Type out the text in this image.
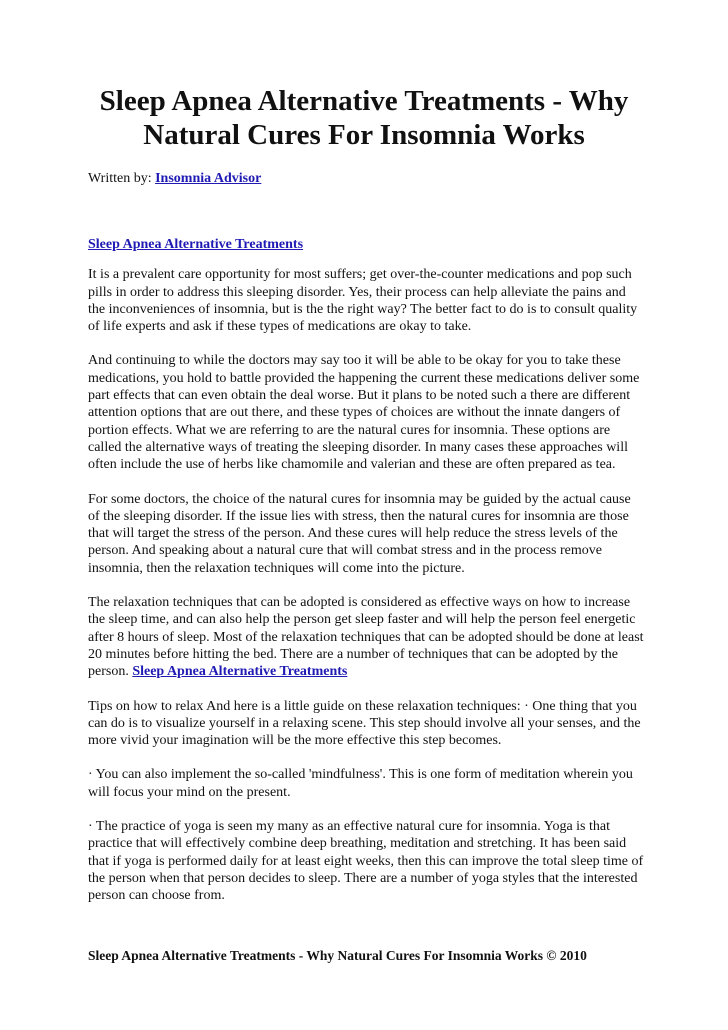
Sleep Apnea Alternative Treatments - Why Natural Cures For Insomnia Works
Written by: Insomnia Advisor

Sleep Apnea Alternative Treatments

It is a prevalent care opportunity for most suffers; get over-the-counter medications and pop such pills in order to address this sleeping disorder. Yes, their process can help alleviate the pains and the inconveniences of insomnia, but is the the right way? The better fact to do is to consult quality of life experts and ask if these types of medications are okay to take.

And continuing to while the doctors may say too it will be able to be okay for you to take these medications, you hold to battle provided the happening the current these medications deliver some part effects that can even obtain the deal worse. But it plans to be noted such a there are different attention options that are out there, and these types of choices are without the innate dangers of portion effects. What we are referring to are the natural cures for insomnia. These options are called the alternative ways of treating the sleeping disorder. In many cases these approaches will often include the use of herbs like chamomile and valerian and these are often prepared as tea.

For some doctors, the choice of the natural cures for insomnia may be guided by the actual cause of the sleeping disorder. If the issue lies with stress, then the natural cures for insomnia are those that will target the stress of the person. And these cures will help reduce the stress levels of the person. And speaking about a natural cure that will combat stress and in the process remove insomnia, then the relaxation techniques will come into the picture.

The relaxation techniques that can be adopted is considered as effective ways on how to increase the sleep time, and can also help the person get sleep faster and will help the person feel energetic after 8 hours of sleep. Most of the relaxation techniques that can be adopted should be done at least 20 minutes before hitting the bed. There are a number of techniques that can be adopted by the person. Sleep Apnea Alternative Treatments

Tips on how to relax And here is a little guide on these relaxation techniques: · One thing that you can do is to visualize yourself in a relaxing scene. This step should involve all your senses, and the more vivid your imagination will be the more effective this step becomes.

· You can also implement the so-called 'mindfulness'. This is one form of meditation wherein you will focus your mind on the present.

· The practice of yoga is seen my many as an effective natural cure for insomnia. Yoga is that practice that will effectively combine deep breathing, meditation and stretching. It has been said that if yoga is performed daily for at least eight weeks, then this can improve the total sleep time of the person when that person decides to sleep. There are a number of yoga styles that the interested person can choose from.

Sleep Apnea Alternative Treatments - Why Natural Cures For Insomnia Works © 2010
